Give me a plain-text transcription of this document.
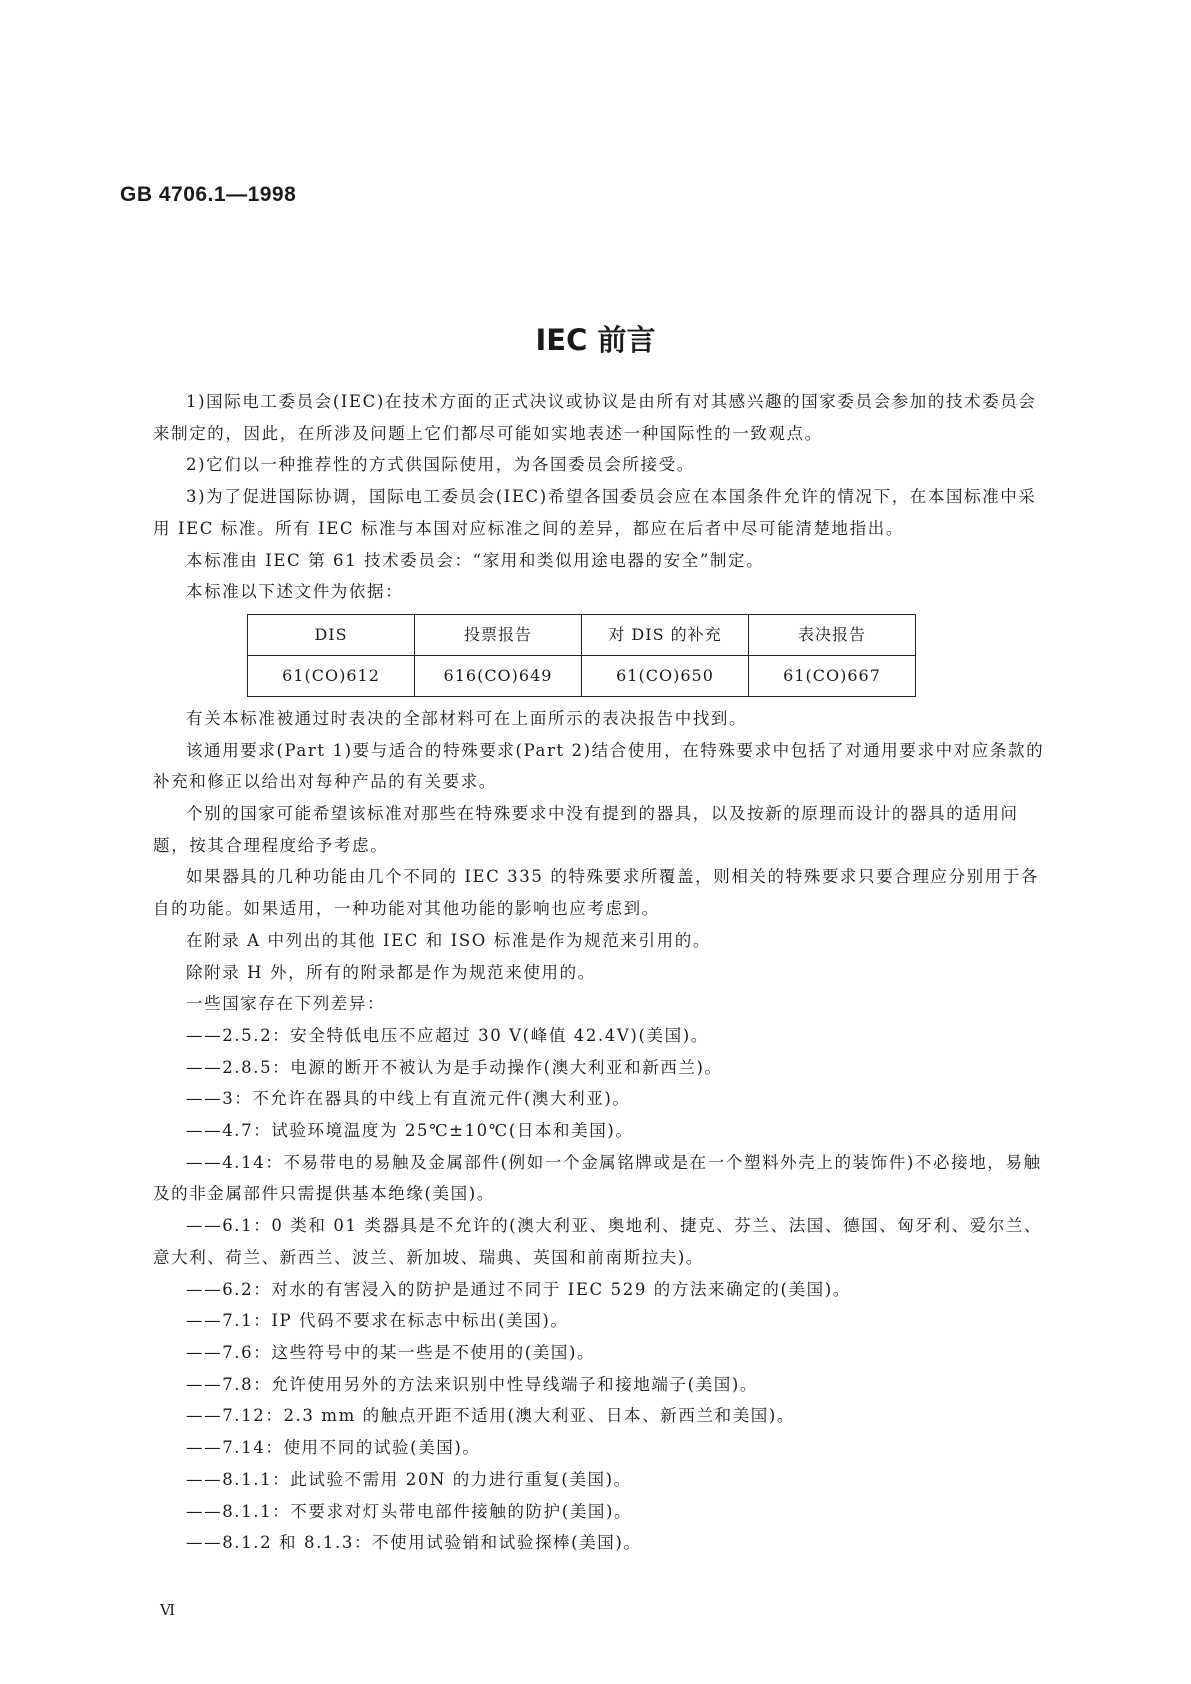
GB 4706.1—1998
IEC 前言

1)国际电工委员会(IEC)在技术方面的正式决议或协议是由所有对其感兴趣的国家委员会参加的技术委员会来制定的，因此，在所涉及问题上它们都尽可能如实地表述一种国际性的一致观点。

2)它们以一种推荐性的方式供国际使用，为各国委员会所接受。

3)为了促进国际协调，国际电工委员会(IEC)希望各国委员会应在本国条件允许的情况下，在本国标准中采用 IEC 标准。所有 IEC 标准与本国对应标准之间的差异，都应在后者中尽可能清楚地指出。

本标准由 IEC 第 61 技术委员会：“家用和类似用途电器的安全”制定。

本标准以下述文件为依据：

DIS	投票报告	对 DIS 的补充	表决报告
61(CO)612	616(CO)649	61(CO)650	61(CO)667

有关本标准被通过时表决的全部材料可在上面所示的表决报告中找到。

该通用要求(Part 1)要与适合的特殊要求(Part 2)结合使用，在特殊要求中包括了对通用要求中对应条款的补充和修正以给出对每种产品的有关要求。

个别的国家可能希望该标准对那些在特殊要求中没有提到的器具，以及按新的原理而设计的器具的适用问题，按其合理程度给予考虑。

如果器具的几种功能由几个不同的 IEC 335 的特殊要求所覆盖，则相关的特殊要求只要合理应分别用于各自的功能。如果适用，一种功能对其他功能的影响也应考虑到。

在附录 A 中列出的其他 IEC 和 ISO 标准是作为规范来引用的。

除附录 H 外，所有的附录都是作为规范来使用的。

一些国家存在下列差异：

——2.5.2：安全特低电压不应超过 30 V(峰值 42.4V)(美国)。

——2.8.5：电源的断开不被认为是手动操作(澳大利亚和新西兰)。

——3：不允许在器具的中线上有直流元件(澳大利亚)。

——4.7：试验环境温度为 25℃±10℃(日本和美国)。

——4.14：不易带电的易触及金属部件(例如一个金属铭牌或是在一个塑料外壳上的装饰件)不必接地，易触及的非金属部件只需提供基本绝缘(美国)。

——6.1：0 类和 01 类器具是不允许的(澳大利亚、奥地利、捷克、芬兰、法国、德国、匈牙利、爱尔兰、意大利、荷兰、新西兰、波兰、新加坡、瑞典、英国和前南斯拉夫)。

——6.2：对水的有害浸入的防护是通过不同于 IEC 529 的方法来确定的(美国)。

——7.1：IP 代码不要求在标志中标出(美国)。

——7.6：这些符号中的某一些是不使用的(美国)。

——7.8：允许使用另外的方法来识别中性导线端子和接地端子(美国)。

——7.12：2.3 mm 的触点开距不适用(澳大利亚、日本、新西兰和美国)。

——7.14：使用不同的试验(美国)。

——8.1.1：此试验不需用 20N 的力进行重复(美国)。

——8.1.1：不要求对灯头带电部件接触的防护(美国)。

——8.1.2 和 8.1.3：不使用试验销和试验探棒(美国)。

Ⅵ
